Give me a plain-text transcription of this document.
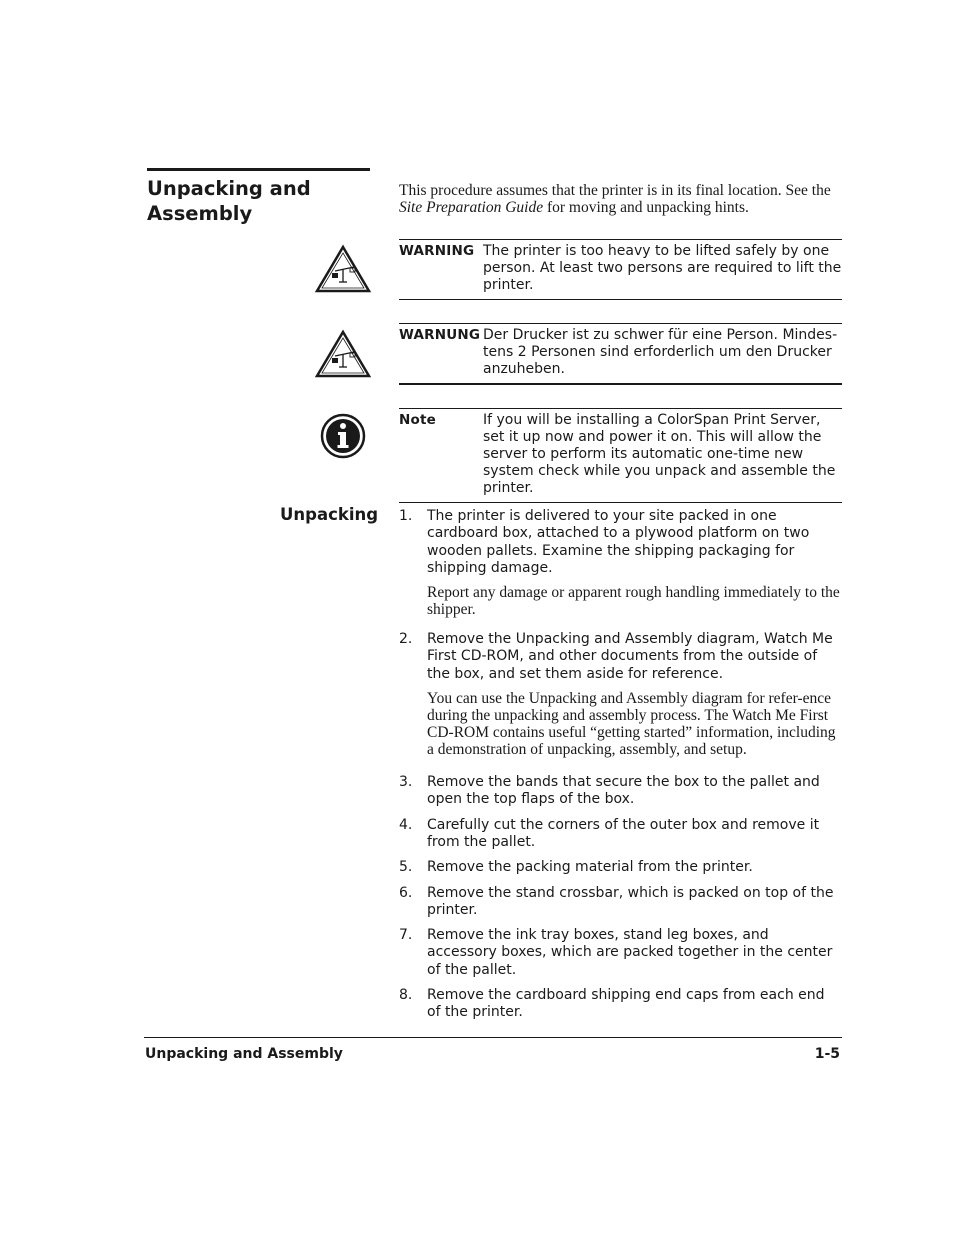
Unpacking and Assembly

This procedure assumes that the printer is in its final location. See the Site Preparation Guide for moving and unpacking hints.

WARNING The printer is too heavy to be lifted safely by one person. At least two persons are required to lift the printer.
WARNUNG Der Drucker ist zu schwer für eine Person. Mindes-tens 2 Personen sind erforderlich um den Drucker anzuheben.
Note	If you will be installing a ColorSpan Print Server, set it up now and power it on. This will allow the server to perform its automatic one-time new system check while you unpack and assemble the printer.
Unpacking 1.	The printer is delivered to your site packed in one cardboard box, attached to a plywood platform on two wooden pallets. Examine the shipping packaging for shipping damage.

Report any damage or apparent rough handling immediately to the shipper.

2.	Remove the Unpacking and Assembly diagram, Watch Me First CD-ROM, and other documents from the outside of the box, and set them aside for reference.

You can use the Unpacking and Assembly diagram for refer-ence during the unpacking and assembly process. The Watch Me First CD-ROM contains useful “getting started” information, including a demonstration of unpacking, assembly, and setup.

3.	Remove the bands that secure the box to the pallet and open the top flaps of the box.

4.	Carefully cut the corners of the outer box and remove it from the pallet.

5.	Remove the packing material from the printer.

6.	Remove the stand crossbar, which is packed on top of the printer.

7.	Remove the ink tray boxes, stand leg boxes, and accessory boxes, which are packed together in the center of the pallet.

8.	Remove the cardboard shipping end caps from each end of the printer.

Unpacking and Assembly	1-5
